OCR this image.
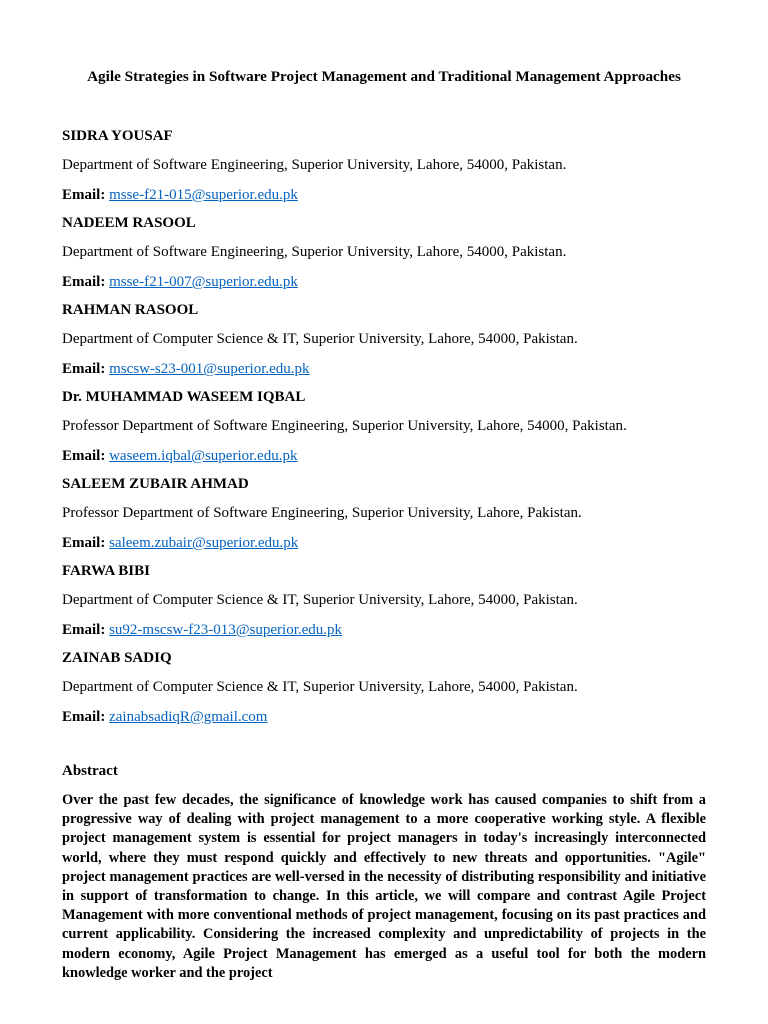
Agile Strategies in Software Project Management and Traditional Management Approaches
SIDRA YOUSAF
Department of Software Engineering, Superior University, Lahore, 54000, Pakistan.
Email: msse-f21-015@superior.edu.pk
NADEEM RASOOL
Department of Software Engineering, Superior University, Lahore, 54000, Pakistan.
Email: msse-f21-007@superior.edu.pk
RAHMAN RASOOL
Department of Computer Science & IT, Superior University, Lahore, 54000, Pakistan.
Email: mscsw-s23-001@superior.edu.pk
Dr. MUHAMMAD WASEEM IQBAL
Professor Department of Software Engineering, Superior University, Lahore, 54000, Pakistan.
Email: waseem.iqbal@superior.edu.pk
SALEEM ZUBAIR AHMAD
Professor Department of Software Engineering, Superior University, Lahore, Pakistan.
Email: saleem.zubair@superior.edu.pk
FARWA BIBI
Department of Computer Science & IT, Superior University, Lahore, 54000, Pakistan.
Email: su92-mscsw-f23-013@superior.edu.pk
ZAINAB SADIQ
Department of Computer Science & IT, Superior University, Lahore, 54000, Pakistan.
Email: zainabsadiqR@gmail.com
Abstract

Over the past few decades, the significance of knowledge work has caused companies to shift from a progressive way of dealing with project management to a more cooperative working style. A flexible project management system is essential for project managers in today's increasingly interconnected world, where they must respond quickly and effectively to new threats and opportunities. "Agile" project management practices are well-versed in the necessity of distributing responsibility and initiative in support of transformation to change. In this article, we will compare and contrast Agile Project Management with more conventional methods of project management, focusing on its past practices and current applicability. Considering the increased complexity and unpredictability of projects in the modern economy, Agile Project Management has emerged as a useful tool for both the modern knowledge worker and the project
